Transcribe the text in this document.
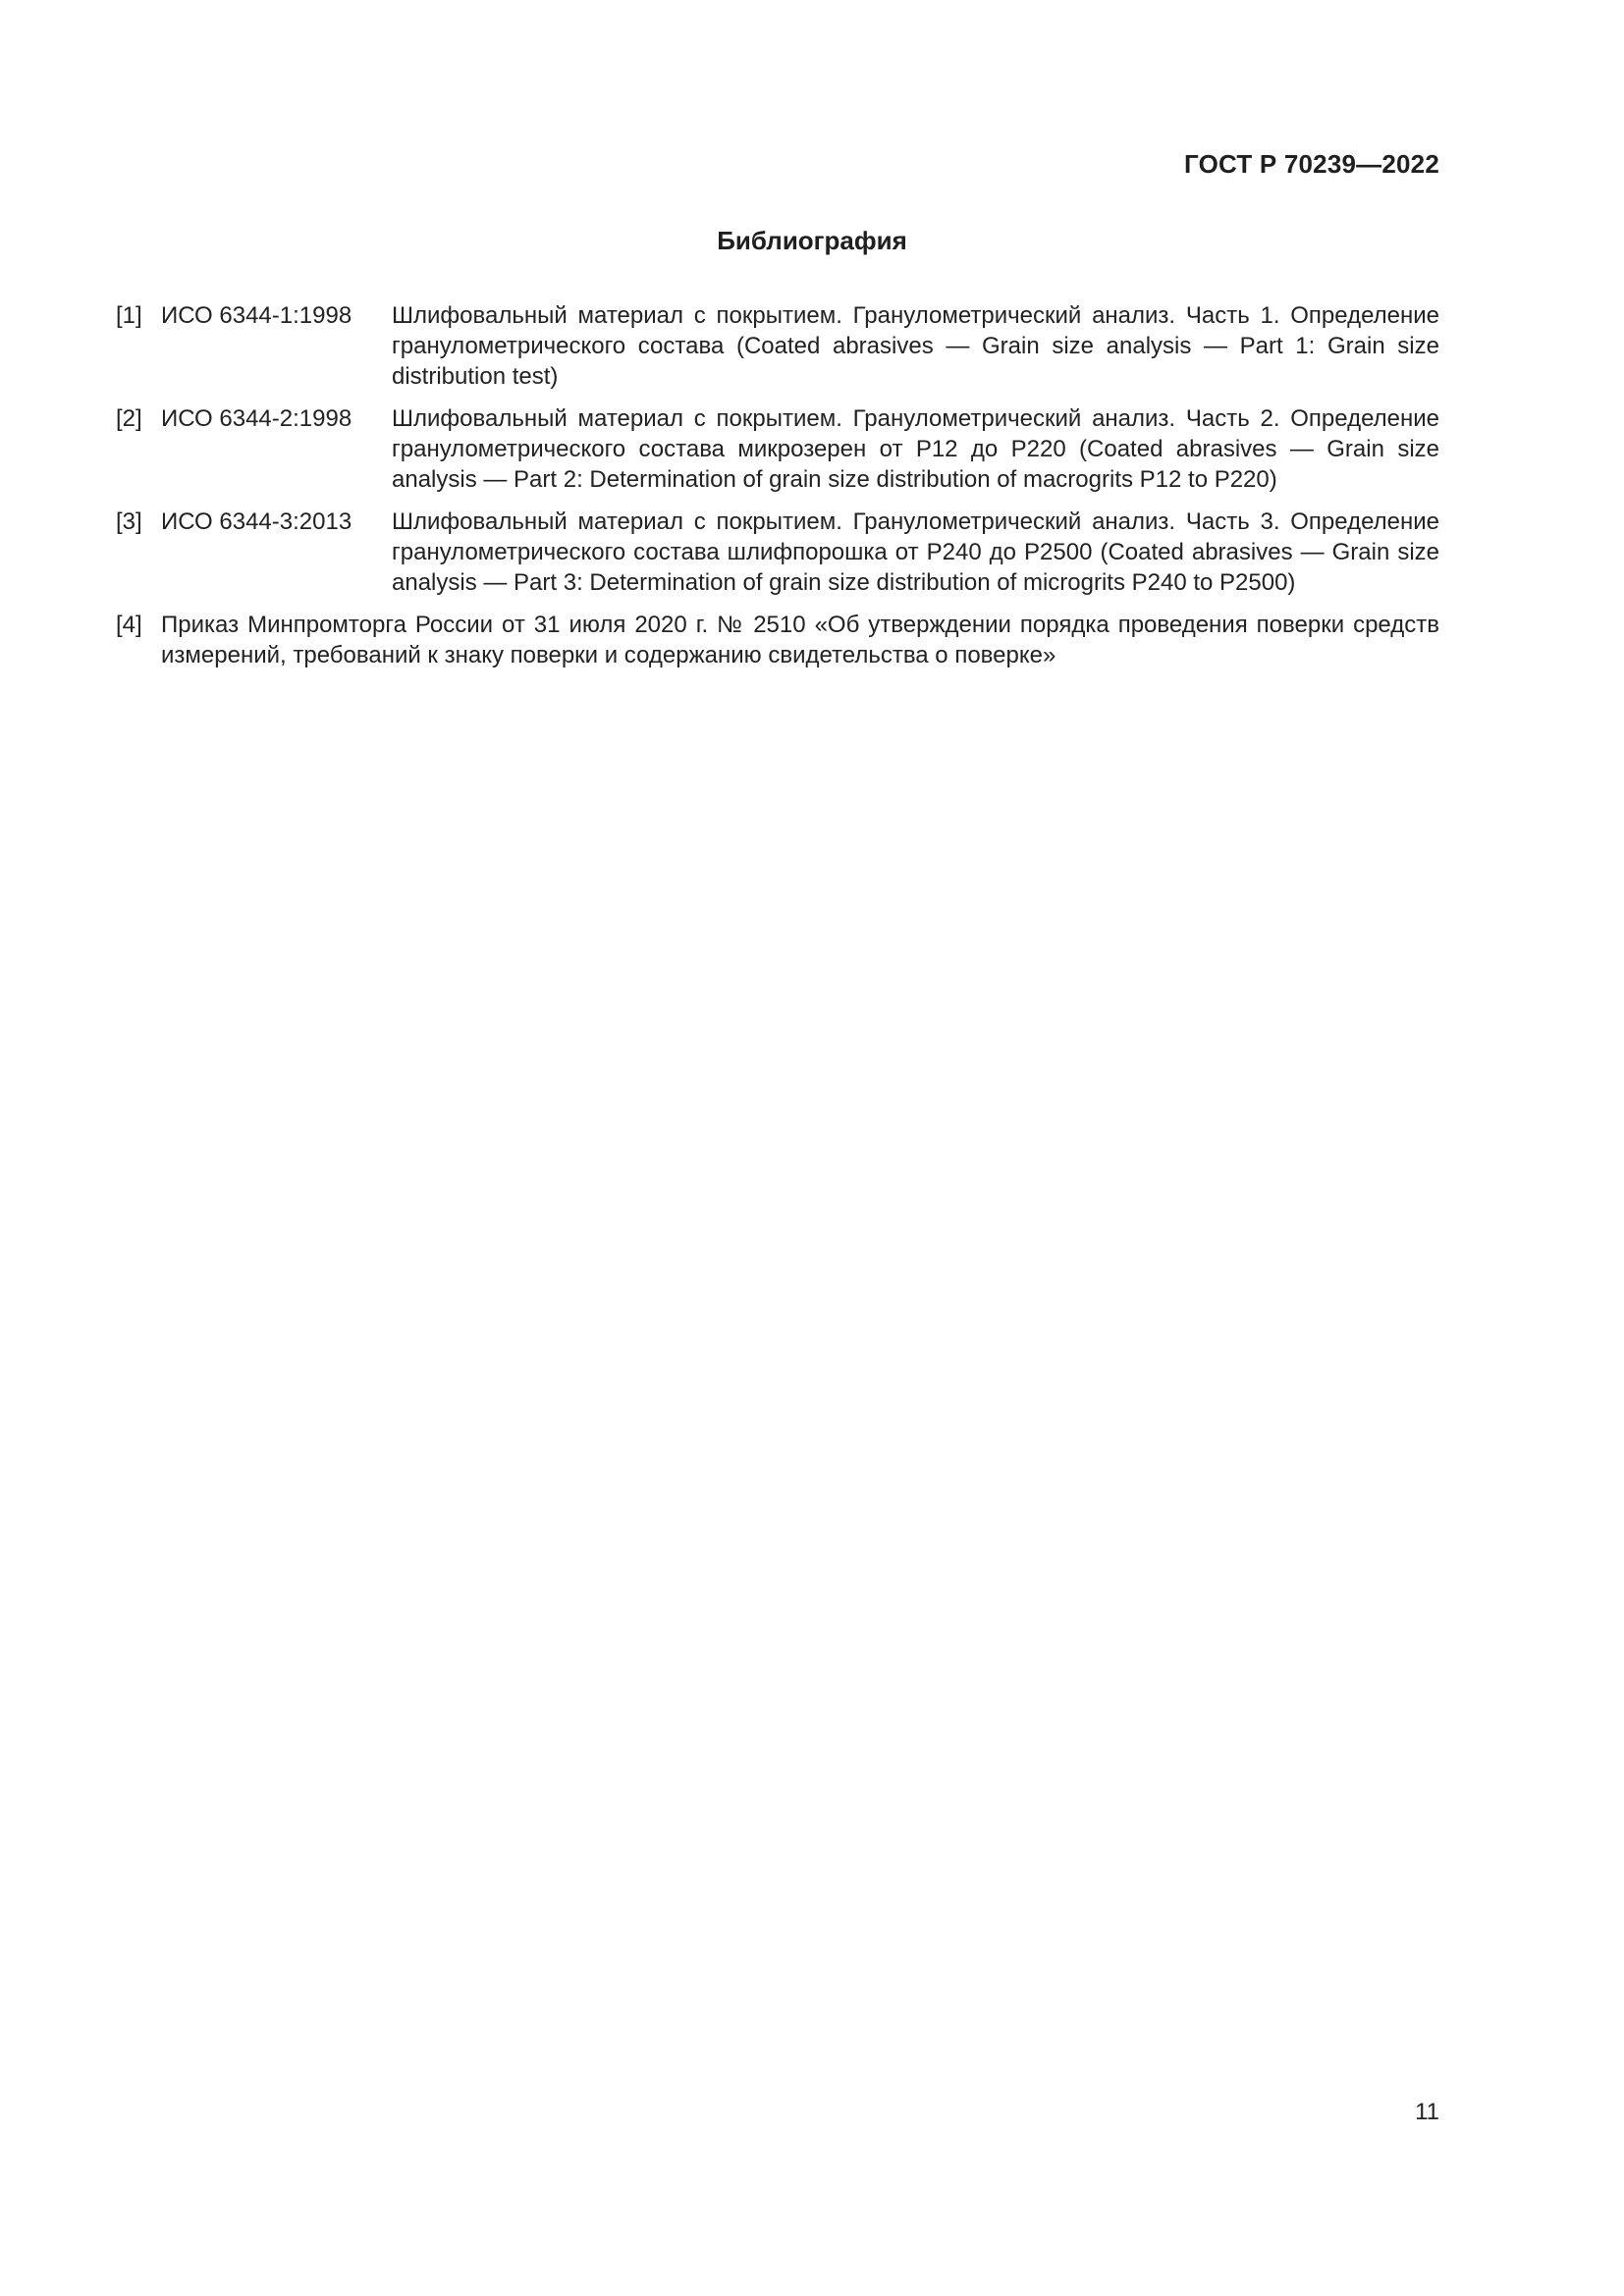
ГОСТ Р 70239—2022
Библиография
[1] ИСО 6344-1:1998	Шлифовальный материал с покрытием. Гранулометрический анализ. Часть 1. Определение гранулометрического состава (Coated abrasives — Grain size analysis — Part 1: Grain size distribution test)
[2] ИСО 6344-2:1998	Шлифовальный материал с покрытием. Гранулометрический анализ. Часть 2. Определение гранулометрического состава микрозерен от P12 до P220 (Coated abrasives — Grain size analysis — Part 2: Determination of grain size distribution of macrogrits P12 to P220)
[3] ИСО 6344-3:2013	Шлифовальный материал с покрытием. Гранулометрический анализ. Часть 3. Определение гранулометрического состава шлифпорошка от P240 до P2500 (Coated abrasives — Grain size analysis — Part 3: Determination of grain size distribution of microgrits P240 to P2500)
[4] Приказ Минпромторга России от 31 июля 2020 г. № 2510 «Об утверждении порядка проведения поверки средств измерений, требований к знаку поверки и содержанию свидетельства о поверке»
11
